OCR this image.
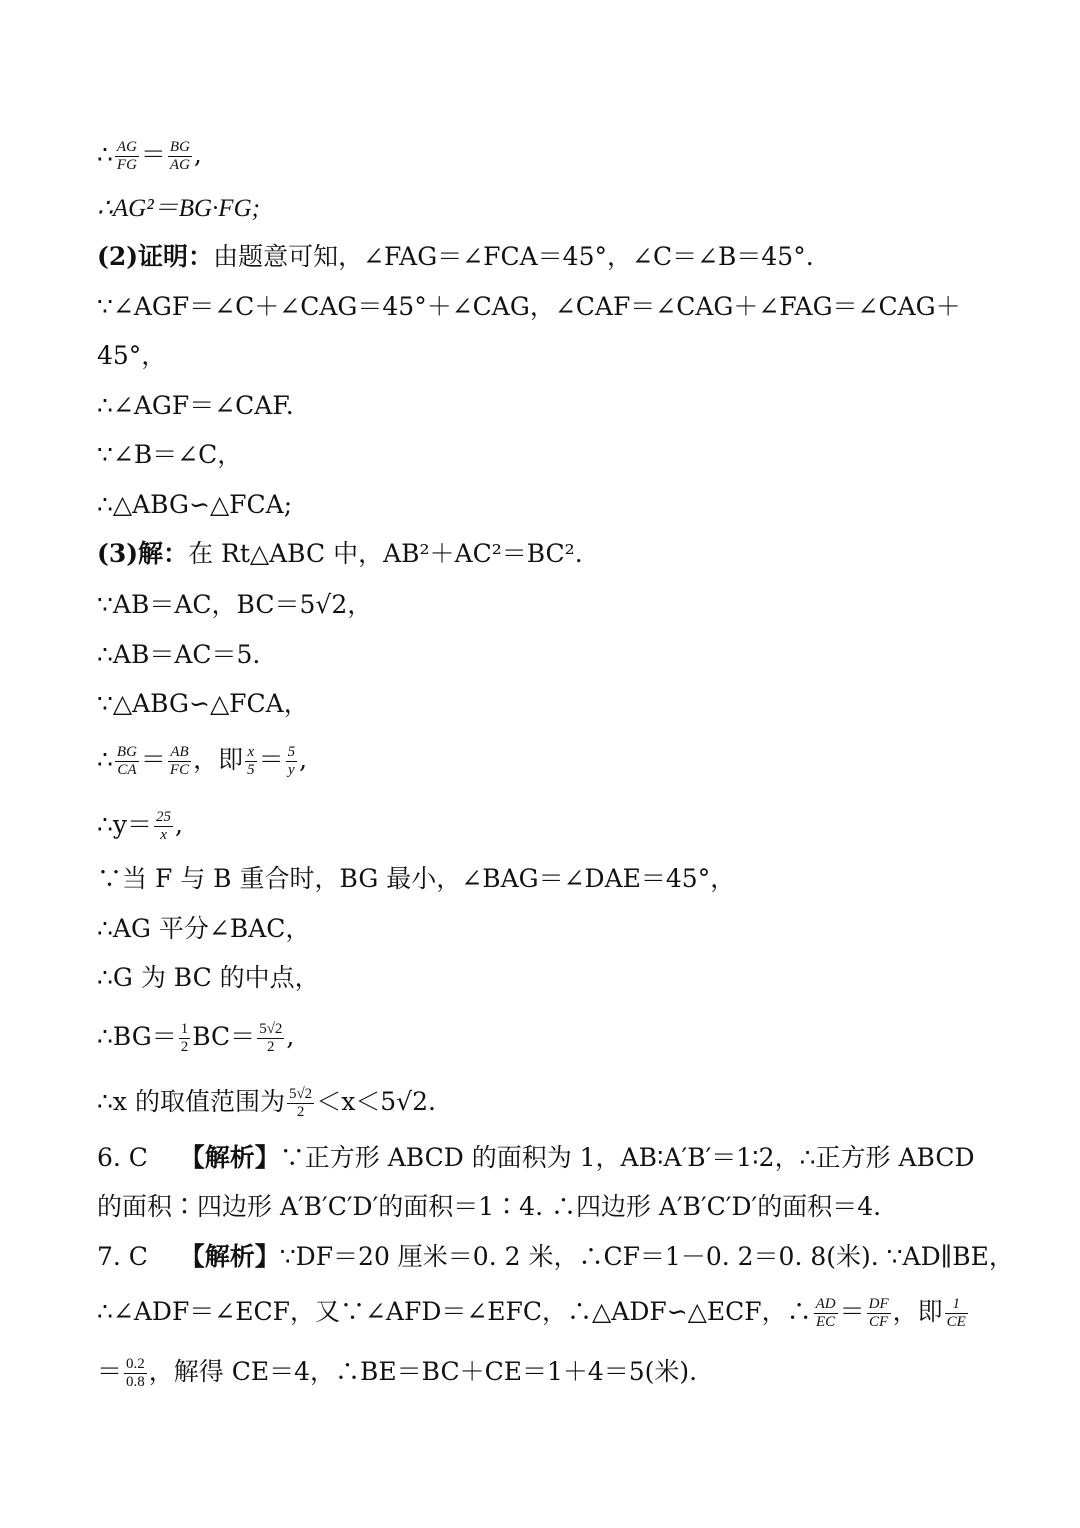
∴ $\frac{AG}{FG} = \frac{BG}{AG}$ ,
∴AG²＝BG·FG;
(2)证明：由题意可知，∠FAG＝∠FCA＝45°，∠C＝∠B＝45°.
∵∠AGF＝∠C＋∠CAG＝45°＋∠CAG，∠CAF＝∠CAG＋∠FAG＝∠CAG＋
45°，
∴∠AGF＝∠CAF.
∵∠B＝∠C，
∴△ABG∽△FCA;
(3)解：在 Rt△ABC 中，AB²＋AC²＝BC².
∵AB＝AC，BC＝5√2，
∴AB＝AC＝5.
∵△ABG∽△FCA，
∴ $\frac{BG}{CA} = \frac{AB}{FC}$ ，即 $\frac{x}{5} = \frac{5}{y}$ ,
∴y＝ $\frac{25}{x}$ ,
∵当 F 与 B 重合时，BG 最小，∠BAG＝∠DAE＝45°，
∴AG 平分∠BAC，
∴G 为 BC 的中点，
∴BG＝ $\frac{1}{2} BC= \frac{5√2}{2}$ ,
∴x 的取值范围为 $\frac{5√2}{2} <x<5√2$.
6. C 【解析】∵正方形 ABCD 的面积为 1，AB∶A′B′＝1∶2，∴正方形 ABCD
的面积∶四边形 A′B′C′D′的面积＝1∶4. ∴四边形 A′B′C′D′的面积＝4.
7. C 【解析】∵DF＝20 厘米＝0. 2 米，∴CF＝1－0. 2＝0. 8(米). ∵AD∥BE，
∴∠ADF＝∠ECF，又∵∠AFD＝∠EFC，∴△ADF∽△ECF，∴ $\frac{AD}{EC} = \frac{DF}{CF}$ ，即 $\frac{1}{CE}$
＝ $\frac{0.2}{0.8}$ ，解得 CE＝4，∴BE＝BC＋CE＝1＋4＝5(米).
